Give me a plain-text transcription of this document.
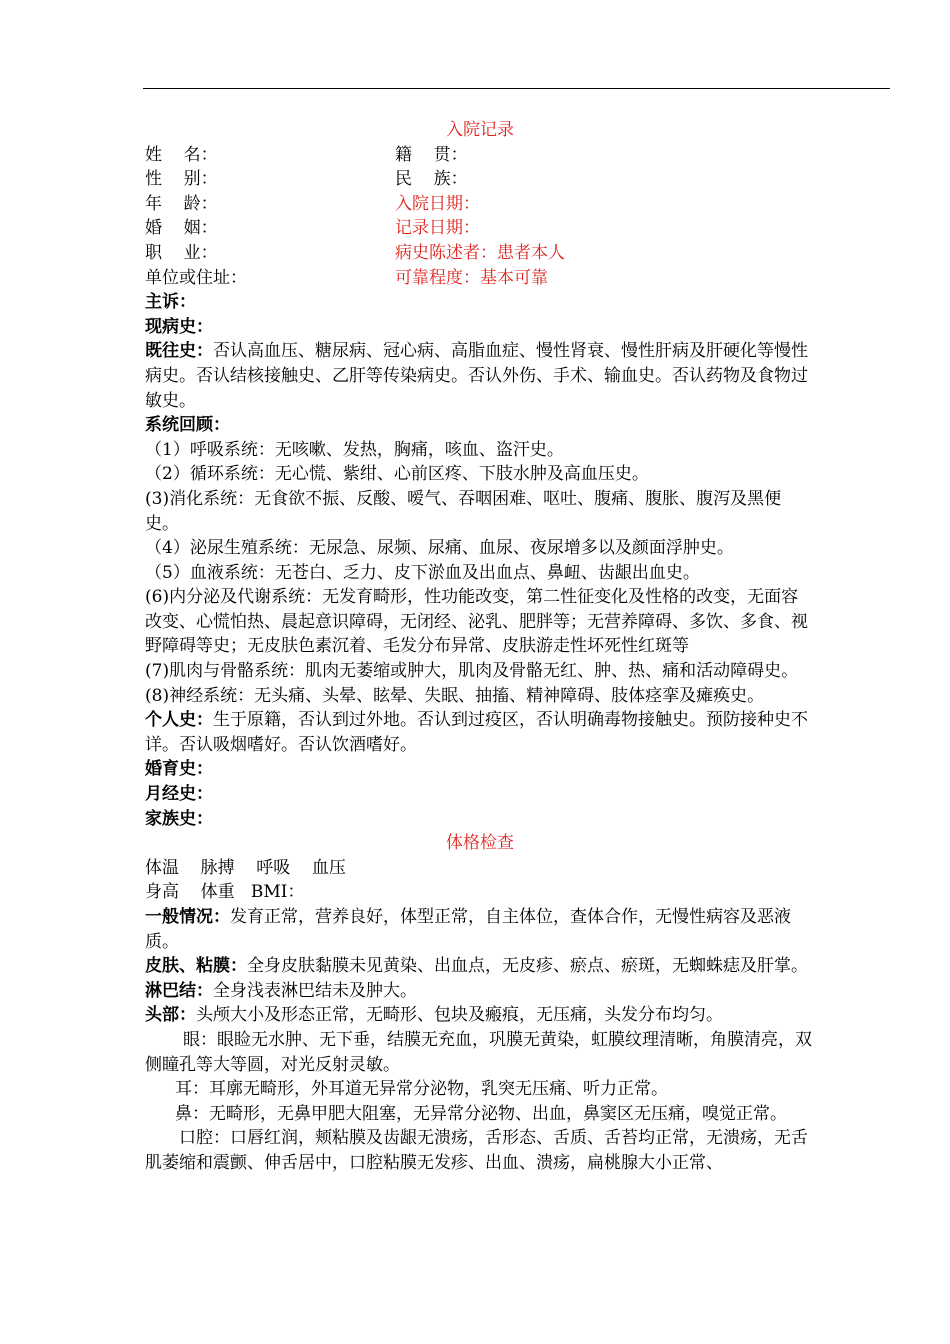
入院记录
姓    名：	籍    贯：
性    别：	民    族：
年    龄：	入院日期：
婚    姻：	记录日期：
职    业：	病史陈述者：患者本人
单位或住址：	可靠程度：基本可靠

主诉：

现病史：

既往史：否认高血压、糖尿病、冠心病、高脂血症、慢性肾衰、慢性肝病及肝硬化等慢性病史。否认结核接触史、乙肝等传染病史。否认外伤、手术、输血史。否认药物及食物过敏史。

系统回顾：

（1）呼吸系统：无咳嗽、发热，胸痛，咳血、盗汗史。

（2）循环系统：无心慌、紫绀、心前区疼、下肢水肿及高血压史。

(3)消化系统：无食欲不振、反酸、嗳气、吞咽困难、呕吐、腹痛、腹胀、腹泻及黑便史。

（4）泌尿生殖系统：无尿急、尿频、尿痛、血尿、夜尿增多以及颜面浮肿史。

（5）血液系统：无苍白、乏力、皮下淤血及出血点、鼻衄、齿龈出血史。

(6)内分泌及代谢系统：无发育畸形，性功能改变，第二性征变化及性格的改变，无面容改变、心慌怕热、晨起意识障碍，无闭经、泌乳、肥胖等；无营养障碍、多饮、多食、视野障碍等史；无皮肤色素沉着、毛发分布异常、皮肤游走性坏死性红斑等

(7)肌肉与骨骼系统：肌肉无萎缩或肿大，肌肉及骨骼无红、肿、热、痛和活动障碍史。

(8)神经系统：无头痛、头晕、眩晕、失眠、抽搐、精神障碍、肢体痉挛及瘫痪史。

个人史：生于原籍，否认到过外地。否认到过疫区，否认明确毒物接触史。预防接种史不详。否认吸烟嗜好。否认饮酒嗜好。

婚育史：

月经史：

家族史：

体格检查

体温    脉搏    呼吸    血压

身高    体重   BMI：

一般情况：发育正常，营养良好，体型正常，自主体位，查体合作，无慢性病容及恶液质。

皮肤、粘膜：全身皮肤黏膜未见黄染、出血点，无皮疹、瘀点、瘀斑，无蜘蛛痣及肝掌。

淋巴结：全身浅表淋巴结未及肿大。

头部：头颅大小及形态正常，无畸形、包块及瘢痕，无压痛，头发分布均匀。

眼：眼睑无水肿、无下垂，结膜无充血，巩膜无黄染，虹膜纹理清晰，角膜清亮，双侧瞳孔等大等圆，对光反射灵敏。

耳：耳廓无畸形，外耳道无异常分泌物，乳突无压痛、听力正常。

鼻：无畸形，无鼻甲肥大阻塞，无异常分泌物、出血，鼻窦区无压痛，嗅觉正常。

口腔：口唇红润，颊粘膜及齿龈无溃疡，舌形态、舌质、舌苔均正常，无溃疡，无舌肌萎缩和震颤、伸舌居中，口腔粘膜无发疹、出血、溃疡，扁桃腺大小正常、
